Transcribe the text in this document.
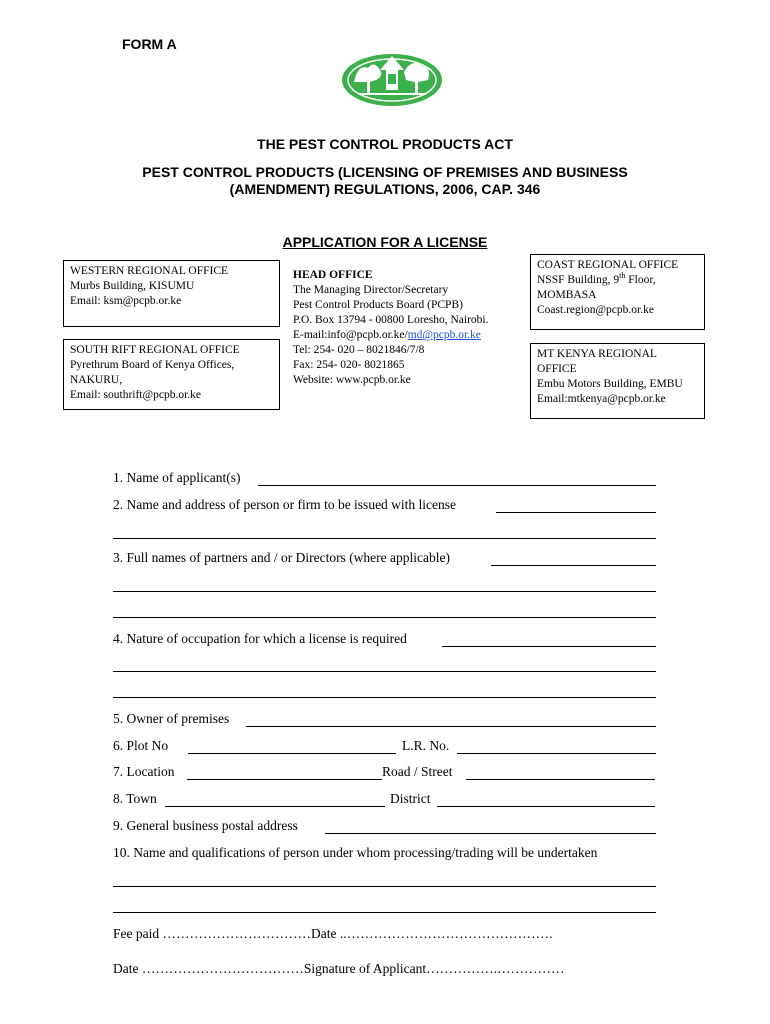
FORM A
THE PEST CONTROL PRODUCTS ACT
PEST CONTROL PRODUCTS (LICENSING OF PREMISES AND BUSINESS
(AMENDMENT) REGULATIONS, 2006, CAP. 346
APPLICATION FOR A LICENSE
WESTERN REGIONAL OFFICE
Murbs Building, KISUMU
Email: ksm@pcpb.or.ke
SOUTH RIFT REGIONAL OFFICE
Pyrethrum Board of Kenya Offices,
NAKURU,
Email: southrift@pcpb.or.ke
HEAD OFFICE
The Managing Director/Secretary
Pest Control Products Board (PCPB)
P.O. Box 13794 - 00800 Loresho, Nairobi.
E-mail:info@pcpb.or.ke/md@pcpb.or.ke
Tel: 254- 020 – 8021846/7/8
Fax: 254- 020- 8021865
Website: www.pcpb.or.ke
COAST REGIONAL OFFICE
NSSF Building, 9th Floor,
MOMBASA
Coast.region@pcpb.or.ke
MT KENYA REGIONAL
OFFICE
Embu Motors Building, EMBU
Email:mtkenya@pcpb.or.ke
1. Name of applicant(s)
2. Name and address of person or firm to be issued with license
3. Full names of partners and / or Directors (where applicable)
4. Nature of occupation for which a license is required
5. Owner of premises
6. Plot No	L.R. No.
7. Location	Road / Street
8. Town	District
9. General business postal address
10. Name and qualifications of person under whom processing/trading will be undertaken
Fee paid ……………………………Date ..……………………………………….
Date ………………………………Signature of Applicant…………….……………
